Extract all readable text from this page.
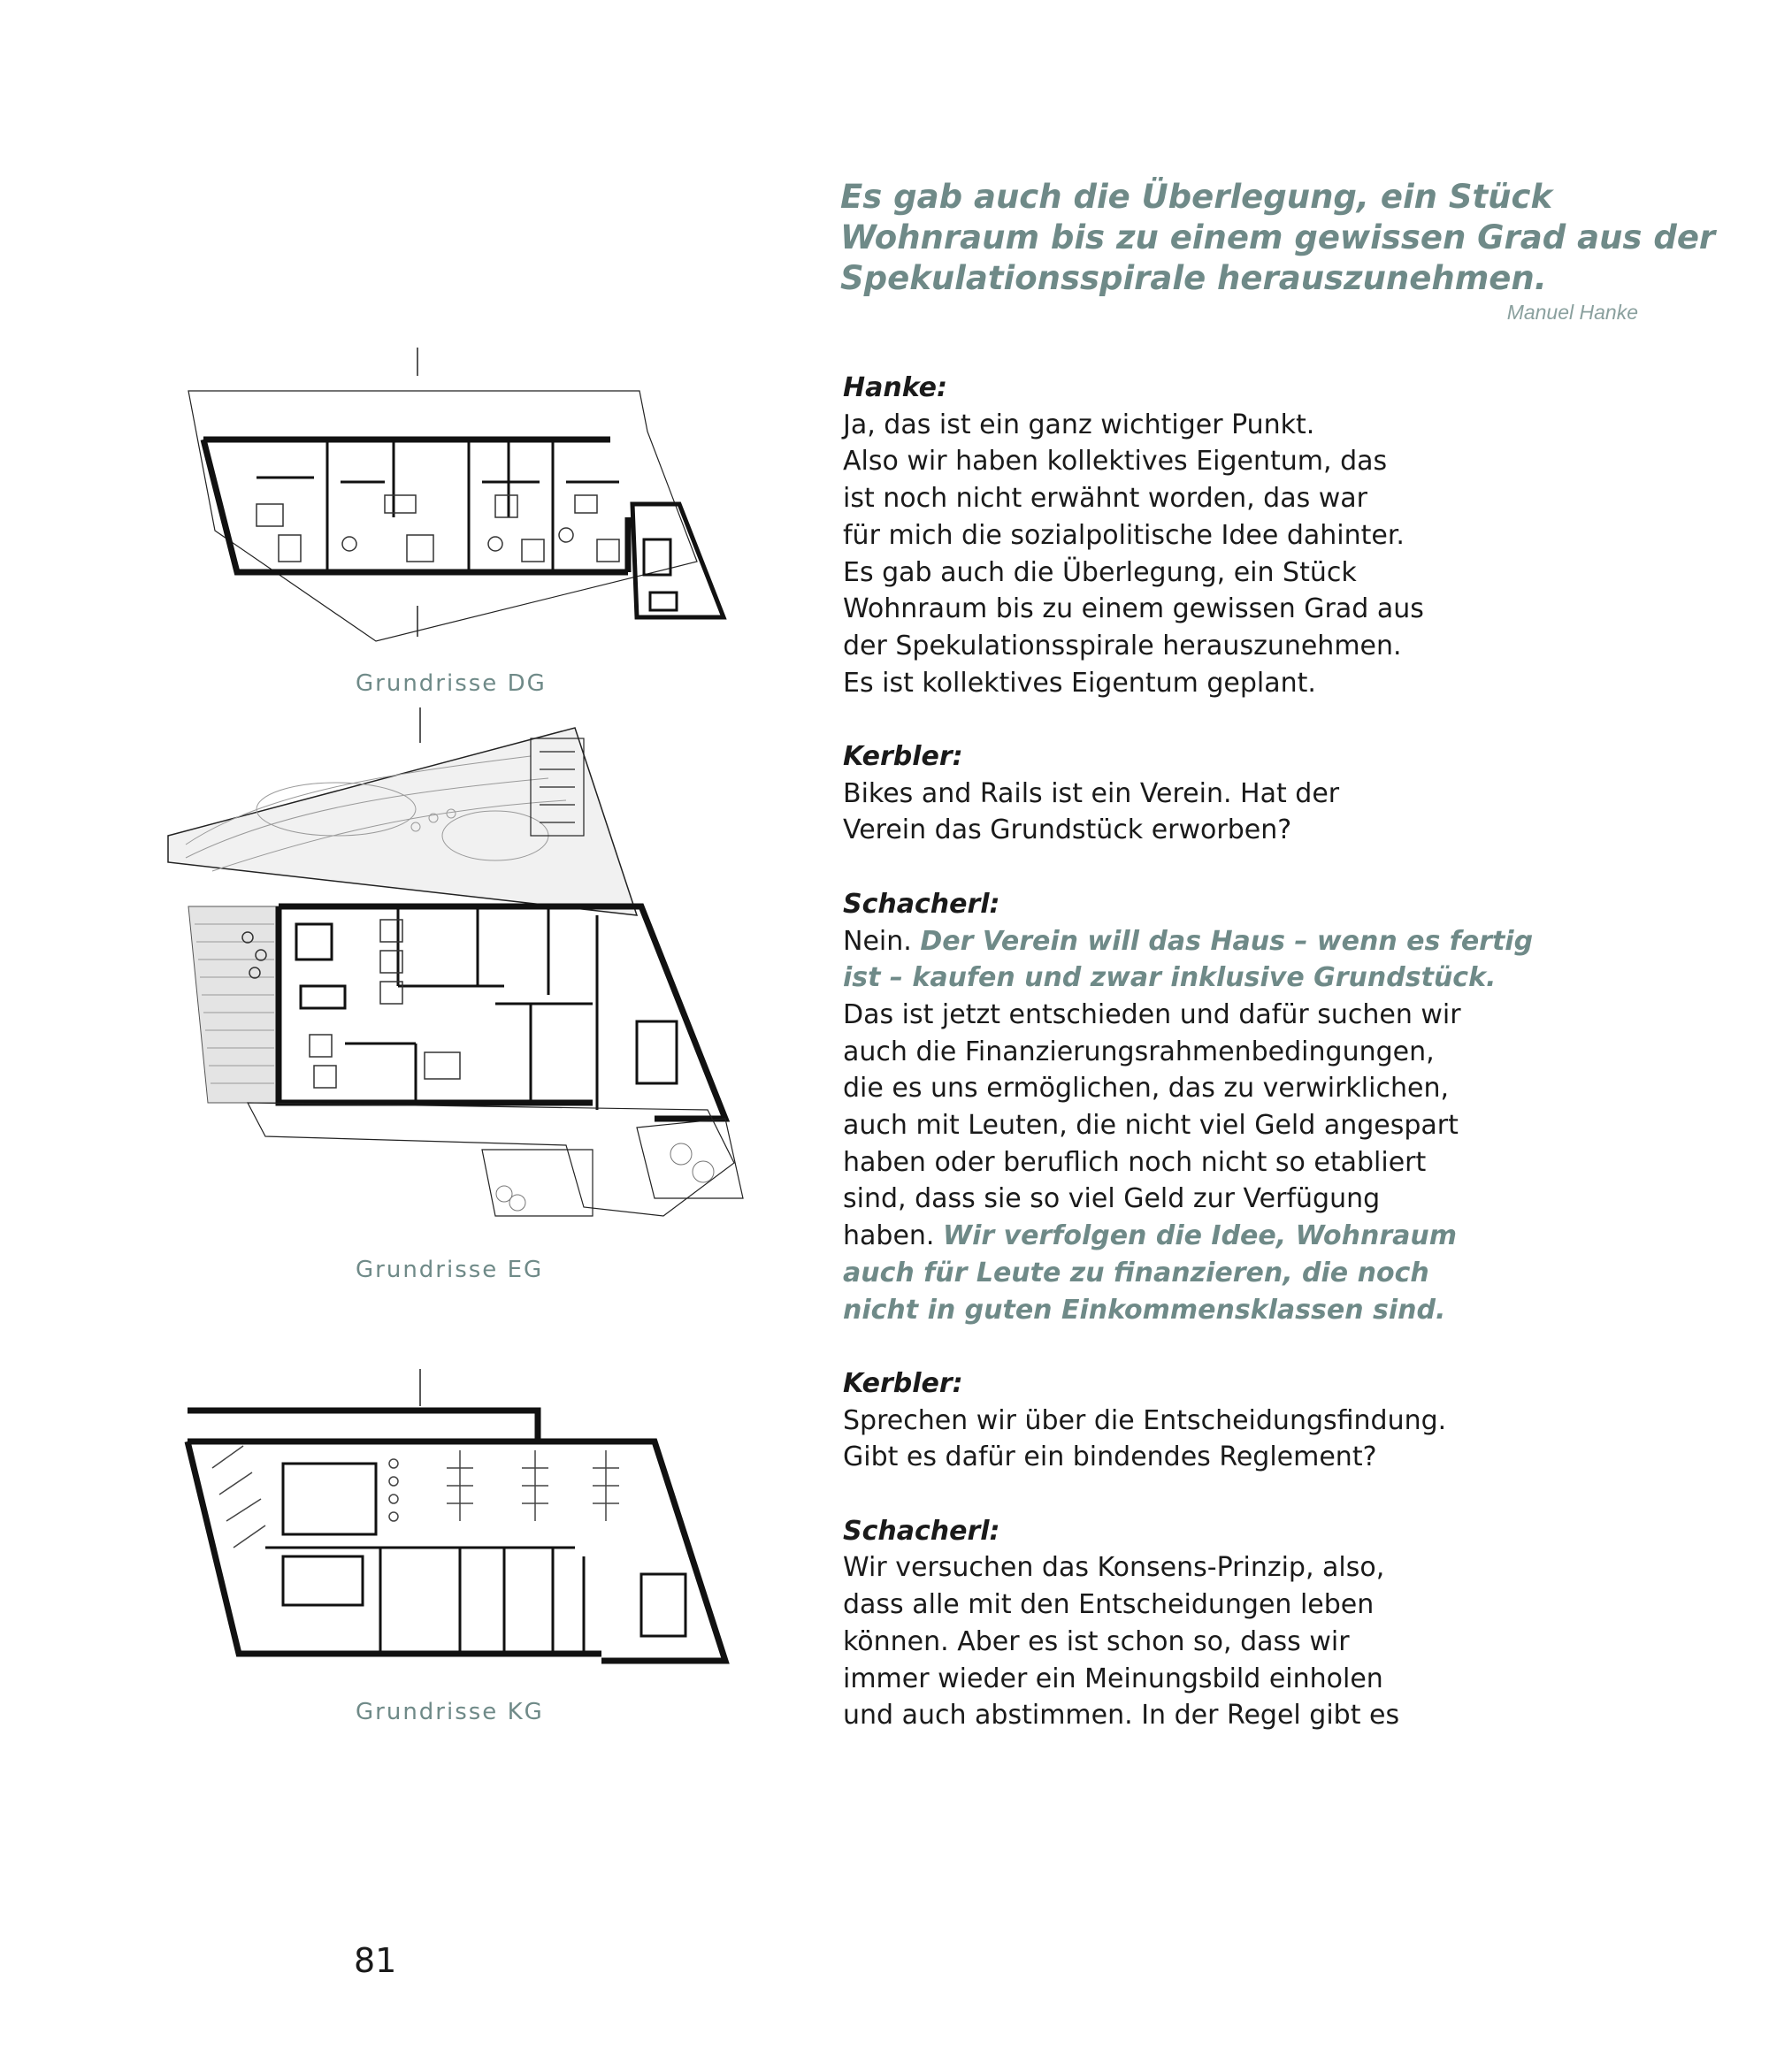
Es gab auch die Überlegung, ein Stück
Wohnraum bis zu einem gewissen Grad aus der
Spekulationsspirale herauszunehmen.

Manuel Hanke
Grundrisse DG
Grundrisse EG
Grundrisse KG
Hanke:
Ja, das ist ein ganz wichtiger Punkt.
Also wir haben kollektives Eigentum, das
ist noch nicht erwähnt worden, das war
für mich die sozialpolitische Idee dahinter.
Es gab auch die Überlegung, ein Stück
Wohnraum bis zu einem gewissen Grad aus
der Spekulationsspirale herauszunehmen.
Es ist kollektives Eigentum geplant.
Kerbler:
Bikes and Rails ist ein Verein. Hat der
Verein das Grundstück erworben?
Schacherl:
Nein. Der Verein will das Haus – wenn es fertig
ist – kaufen und zwar inklusive Grundstück.
Das ist jetzt entschieden und dafür suchen wir
auch die Finanzierungsrahmenbedingungen,
die es uns ermöglichen, das zu verwirklichen,
auch mit Leuten, die nicht viel Geld angespart
haben oder beruflich noch nicht so etabliert
sind, dass sie so viel Geld zur Verfügung
haben. Wir verfolgen die Idee, Wohnraum
auch für Leute zu finanzieren, die noch
nicht in guten Einkommensklassen sind.
Kerbler:
Sprechen wir über die Entscheidungsfindung.
Gibt es dafür ein bindendes Reglement?
Schacherl:
Wir versuchen das Konsens-Prinzip, also,
dass alle mit den Entscheidungen leben
können. Aber es ist schon so, dass wir
immer wieder ein Meinungsbild einholen
und auch abstimmen. In der Regel gibt es
81
